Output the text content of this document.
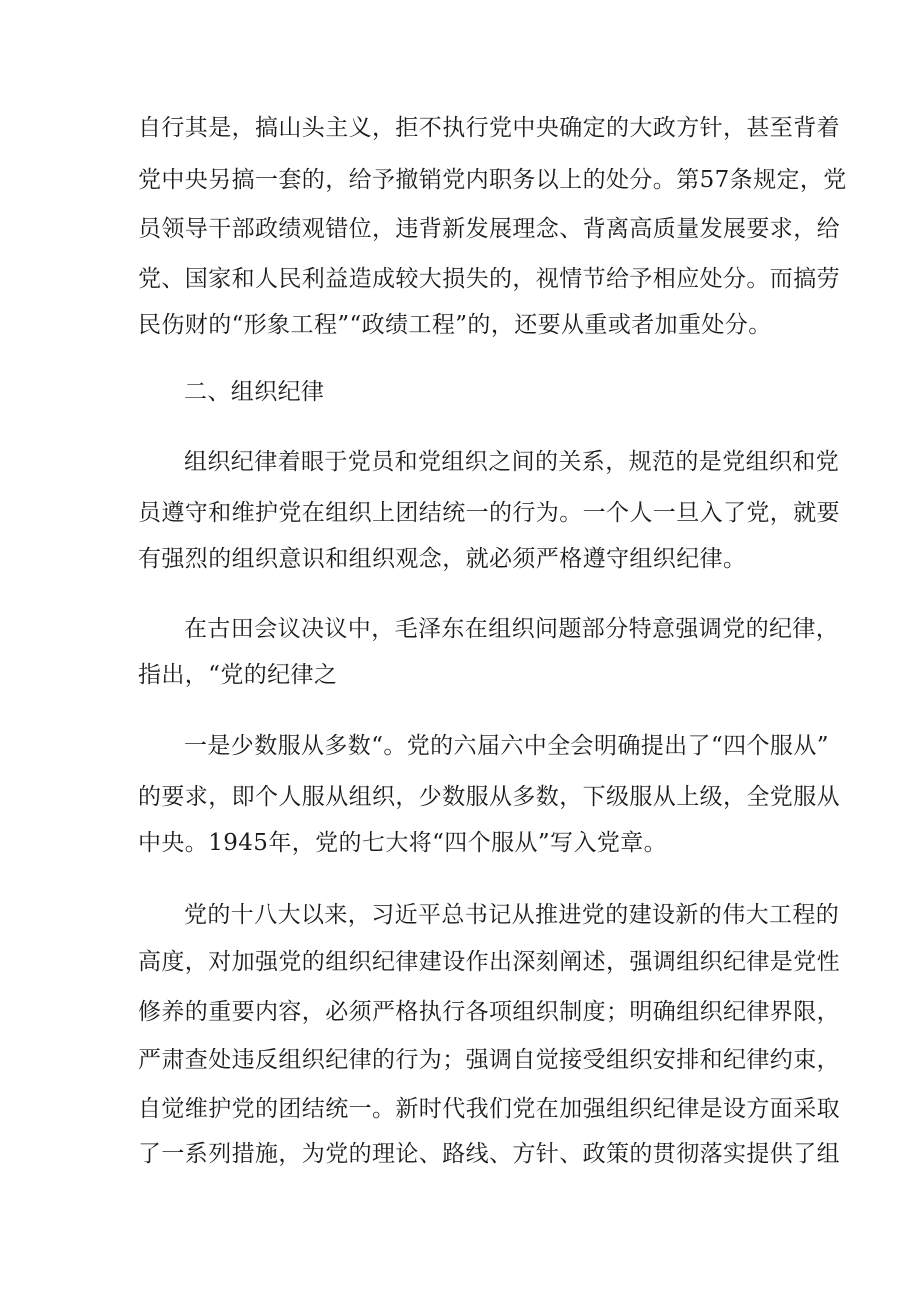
自行其是，搞山头主义，拒不执行党中央确定的大政方针，甚至背着
党中央另搞一套的，给予撤销党内职务以上的处分。第57条规定，党
员领导干部政绩观错位，违背新发展理念、背离高质量发展要求，给
党、国家和人民利益造成较大损失的，视情节给予相应处分。而搞劳
民伤财的“形象工程”“政绩工程”的，还要从重或者加重处分。
二、组织纪律
组织纪律着眼于党员和党组织之间的关系，规范的是党组织和党
员遵守和维护党在组织上团结统一的行为。一个人一旦入了党，就要
有强烈的组织意识和组织观念，就必须严格遵守组织纪律。
在古田会议决议中，毛泽东在组织问题部分特意强调党的纪律，
指出，“党的纪律之
一是少数服从多数“。党的六届六中全会明确提出了“四个服从”
的要求，即个人服从组织，少数服从多数，下级服从上级，全党服从
中央。1945年，党的七大将“四个服从”写入党章。
党的十八大以来，习近平总书记从推进党的建设新的伟大工程的
高度，对加强党的组织纪律建设作出深刻阐述，强调组织纪律是党性
修养的重要内容，必须严格执行各项组织制度；明确组织纪律界限，
严肃查处违反组织纪律的行为；强调自觉接受组织安排和纪律约束，
自觉维护党的团结统一。新时代我们党在加强组织纪律是设方面采取
了一系列措施，为党的理论、路线、方针、政策的贯彻落实提供了组
